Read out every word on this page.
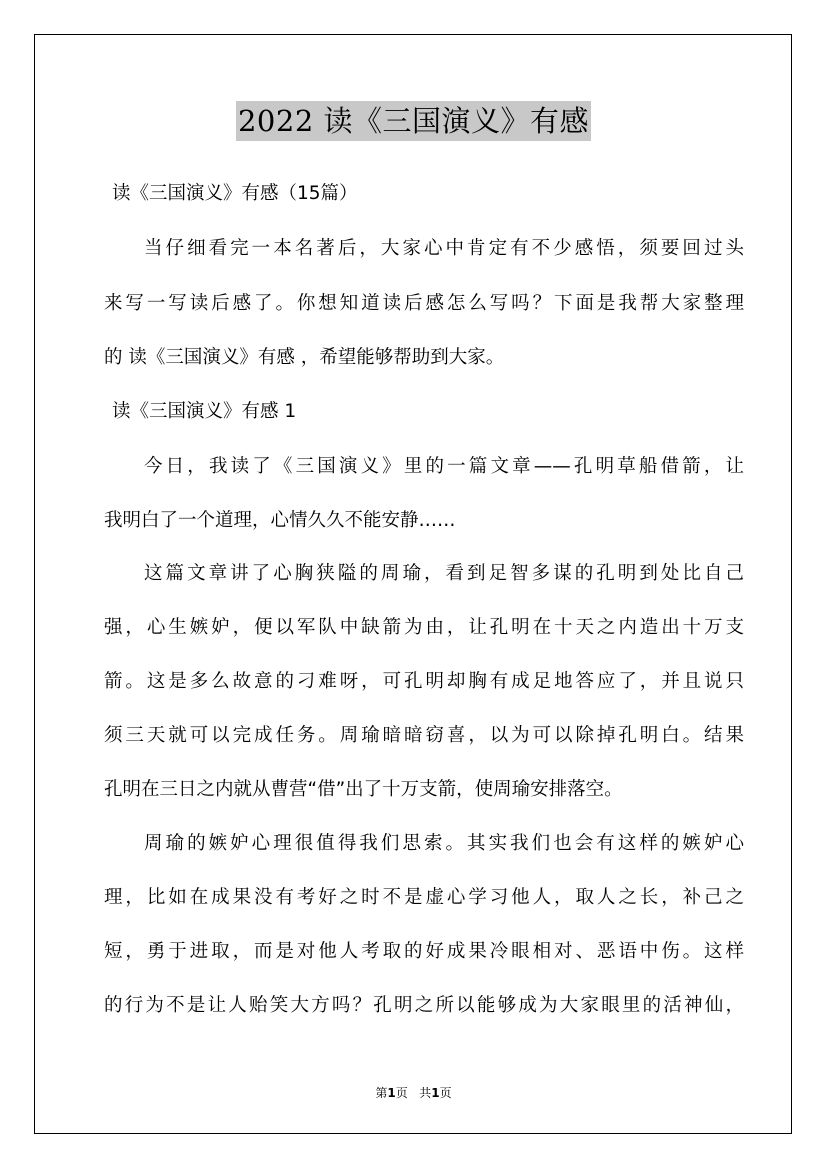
2022 读《三国演义》有感

读《三国演义》有感（15篇）

当仔细看完一本名著后，大家心中肯定有不少感悟，须要回过头

来写一写读后感了。你想知道读后感怎么写吗？下面是我帮大家整理

的 读《三国演义》有感 ，希望能够帮助到大家。

读《三国演义》有感 1

今日，我读了《三国演义》里的一篇文章——孔明草船借箭，让

我明白了一个道理，心情久久不能安静……

这篇文章讲了心胸狭隘的周瑜，看到足智多谋的孔明到处比自己

强，心生嫉妒，便以军队中缺箭为由，让孔明在十天之内造出十万支

箭。这是多么故意的刁难呀，可孔明却胸有成足地答应了，并且说只

须三天就可以完成任务。周瑜暗暗窃喜，以为可以除掉孔明白。结果

孔明在三日之内就从曹营“借”出了十万支箭，使周瑜安排落空。

周瑜的嫉妒心理很值得我们思索。其实我们也会有这样的嫉妒心

理，比如在成果没有考好之时不是虚心学习他人，取人之长，补己之

短，勇于进取，而是对他人考取的好成果冷眼相对、恶语中伤。这样

的行为不是让人贻笑大方吗？孔明之所以能够成为大家眼里的活神仙，

第1页 共1页
